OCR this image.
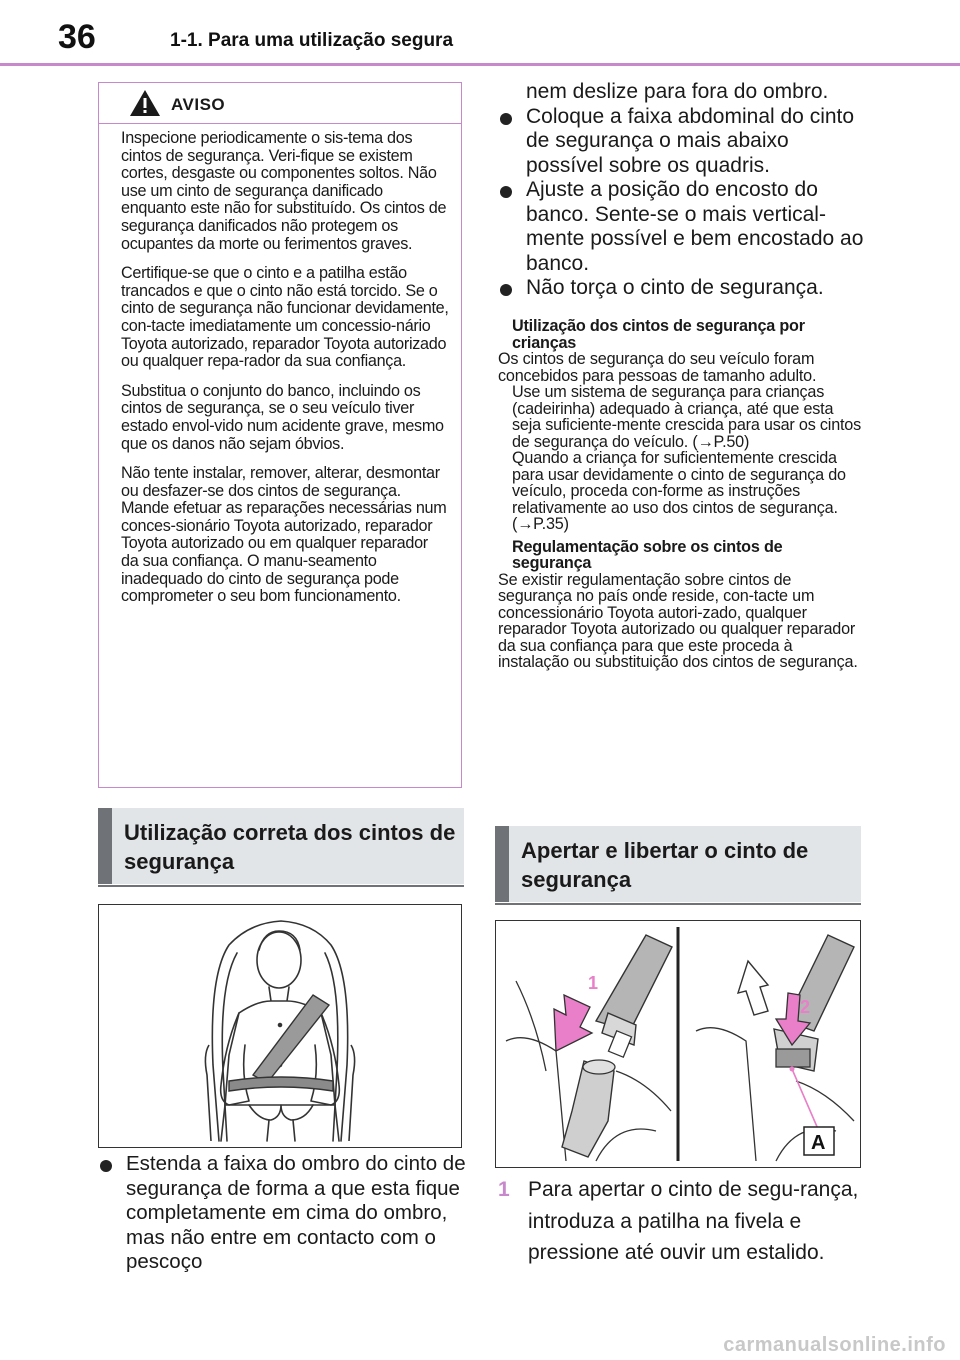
36	1-1. Para uma utilização segura
AVISO

Inspecione periodicamente o sis-tema dos cintos de segurança. Veri-fique se existem cortes, desgaste ou componentes soltos. Não use um cinto de segurança danificado enquanto este não for substituído. Os cintos de segurança danificados não protegem os ocupantes da morte ou ferimentos graves.

Certifique-se que o cinto e a patilha estão trancados e que o cinto não está torcido. Se o cinto de segurança não funcionar devidamente, con-tacte imediatamente um concessio-nário Toyota autorizado, reparador Toyota autorizado ou qualquer repa-rador da sua confiança.

Substitua o conjunto do banco, incluindo os cintos de segurança, se o seu veículo tiver estado envol-vido num acidente grave, mesmo que os danos não sejam óbvios.

Não tente instalar, remover, alterar, desmontar ou desfazer-se dos cintos de segurança. Mande efetuar as reparações necessárias num conces-sionário Toyota autorizado, reparador Toyota autorizado ou em qualquer reparador da sua confiança. O manu-seamento inadequado do cinto de segurança pode comprometer o seu bom funcionamento.

Utilização correta dos cintos de segurança
Estenda a faixa do ombro do cinto de segurança de forma a que esta fique completamente em cima do ombro, mas não entre em contacto com o pescoço
nem deslize para fora do ombro.
Coloque a faixa abdominal do cinto de segurança o mais abaixo possível sobre os quadris.
Ajuste a posição do encosto do banco. Sente-se o mais vertical-mente possível e bem encostado ao banco.
Não torça o cinto de segurança.

Utilização dos cintos de segurança por crianças

Os cintos de segurança do seu veículo foram concebidos para pessoas de tamanho adulto.

Use um sistema de segurança para crianças (cadeirinha) adequado à criança, até que esta seja suficiente-mente crescida para usar os cintos de segurança do veículo. (→P.50)

Quando a criança for suficientemente crescida para usar devidamente o cinto de segurança do veículo, proceda con-forme as instruções relativamente ao uso dos cintos de segurança. (→P.35)

Regulamentação sobre os cintos de segurança

Se existir regulamentação sobre cintos de segurança no país onde reside, con-tacte um concessionário Toyota autori-zado, qualquer reparador Toyota autorizado ou qualquer reparador da sua confiança para que este proceda à instalação ou substituição dos cintos de segurança.

Apertar e libertar o cinto de segurança
1
2
A
1 Para apertar o cinto de segu-rança, introduza a patilha na fivela e pressione até ouvir um estalido.
carmanualsonline.info
